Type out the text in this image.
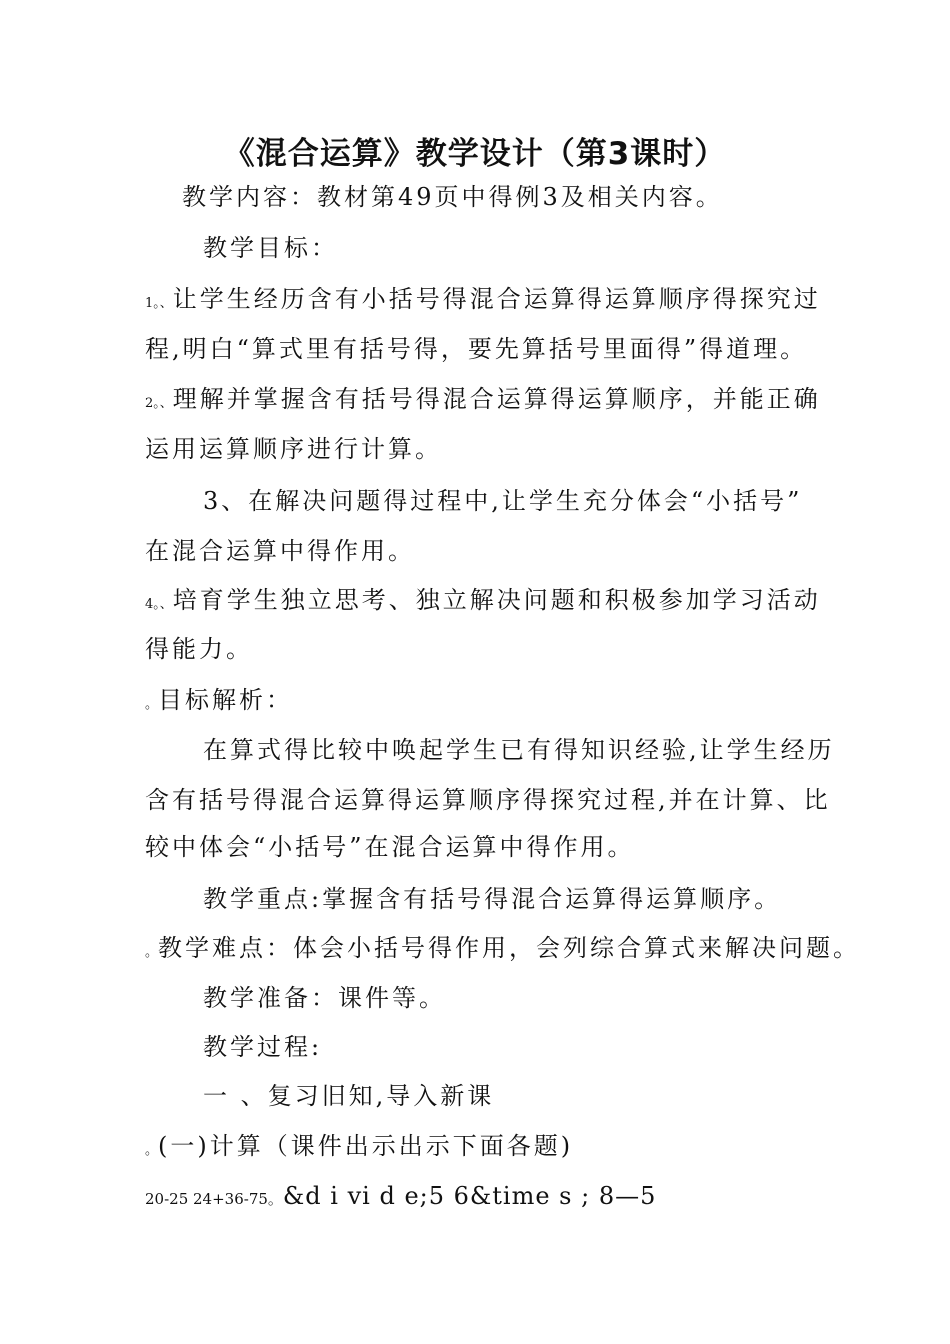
《混合运算》教学设计（第3课时）
教学内容：教材第49页中得例3及相关内容。
教学目标：
1。、让学生经历含有小括号得混合运算得运算顺序得探究过
程,明白“算式里有括号得，要先算括号里面得”得道理。
2。、理解并掌握含有括号得混合运算得运算顺序，并能正确
运用运算顺序进行计算。
3、在解决问题得过程中,让学生充分体会“小括号”
在混合运算中得作用。
4。、培育学生独立思考、独立解决问题和积极参加学习活动
得能力。
。目标解析：
在算式得比较中唤起学生已有得知识经验,让学生经历
含有括号得混合运算得运算顺序得探究过程,并在计算、比
较中体会“小括号”在混合运算中得作用。
教学重点:掌握含有括号得混合运算得运算顺序。
。教学难点：体会小括号得作用，会列综合算式来解决问题。
教学准备：课件等。
教学过程:
一 、复习旧知,导入新课
。(一)计算（课件出示出示下面各题)
20-25 24+36-75。&d i vi d e;5 6&time s ; 8—5
